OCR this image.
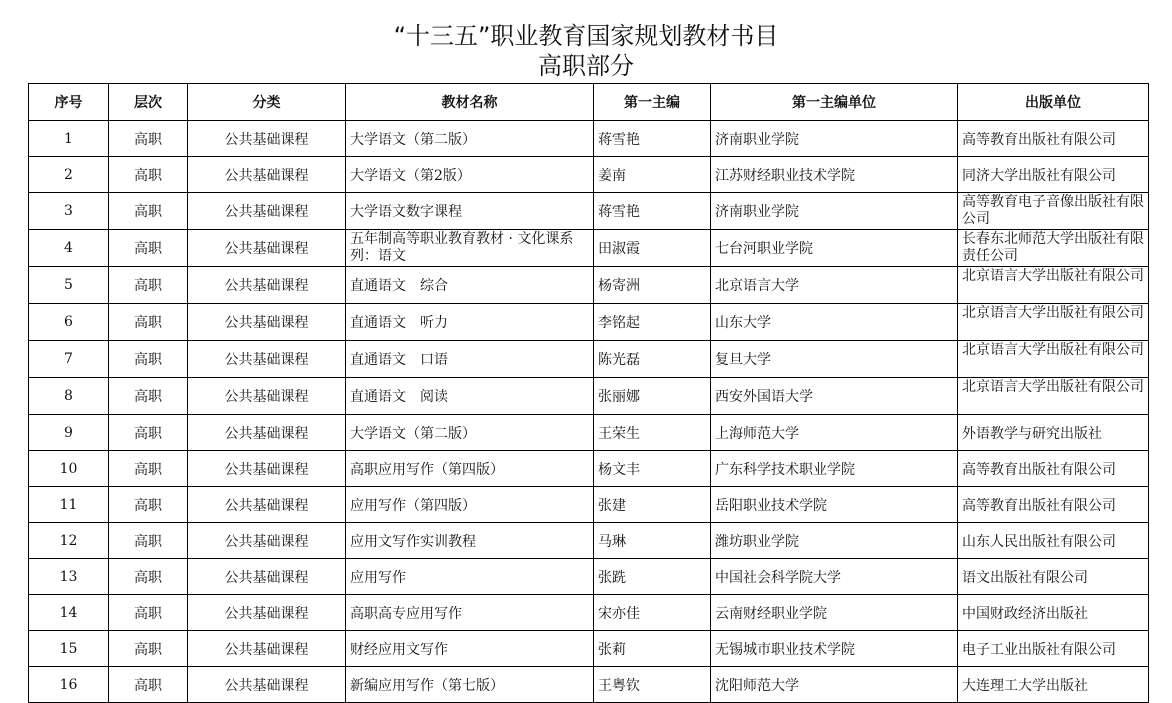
“十三五”职业教育国家规划教材书目
高职部分
序号	层次	分类	教材名称	第一主编	第一主编单位	出版单位
1	高职	公共基础课程	大学语文（第二版）	蒋雪艳	济南职业学院	高等教育出版社有限公司
2	高职	公共基础课程	大学语文（第2版）	姜南	江苏财经职业技术学院	同济大学出版社有限公司
3	高职	公共基础课程	大学语文数字课程	蒋雪艳	济南职业学院	高等教育电子音像出版社有限公司
4	高职	公共基础课程	五年制高等职业教育教材 · 文化课系列：语文	田淑霞	七台河职业学院	长春东北师范大学出版社有限责任公司
5	高职	公共基础课程	直通语文　综合	杨寄洲	北京语言大学	北京语言大学出版社有限公司
6	高职	公共基础课程	直通语文　听力	李铭起	山东大学	北京语言大学出版社有限公司
7	高职	公共基础课程	直通语文　口语	陈光磊	复旦大学	北京语言大学出版社有限公司
8	高职	公共基础课程	直通语文　阅读	张丽娜	西安外国语大学	北京语言大学出版社有限公司
9	高职	公共基础课程	大学语文（第二版）	王荣生	上海师范大学	外语教学与研究出版社
10	高职	公共基础课程	高职应用写作（第四版）	杨文丰	广东科学技术职业学院	高等教育出版社有限公司
11	高职	公共基础课程	应用写作（第四版）	张建	岳阳职业技术学院	高等教育出版社有限公司
12	高职	公共基础课程	应用文写作实训教程	马琳	潍坊职业学院	山东人民出版社有限公司
13	高职	公共基础课程	应用写作	张跣	中国社会科学院大学	语文出版社有限公司
14	高职	公共基础课程	高职高专应用写作	宋亦佳	云南财经职业学院	中国财政经济出版社
15	高职	公共基础课程	财经应用文写作	张莉	无锡城市职业技术学院	电子工业出版社有限公司
16	高职	公共基础课程	新编应用写作（第七版）	王粤钦	沈阳师范大学	大连理工大学出版社
